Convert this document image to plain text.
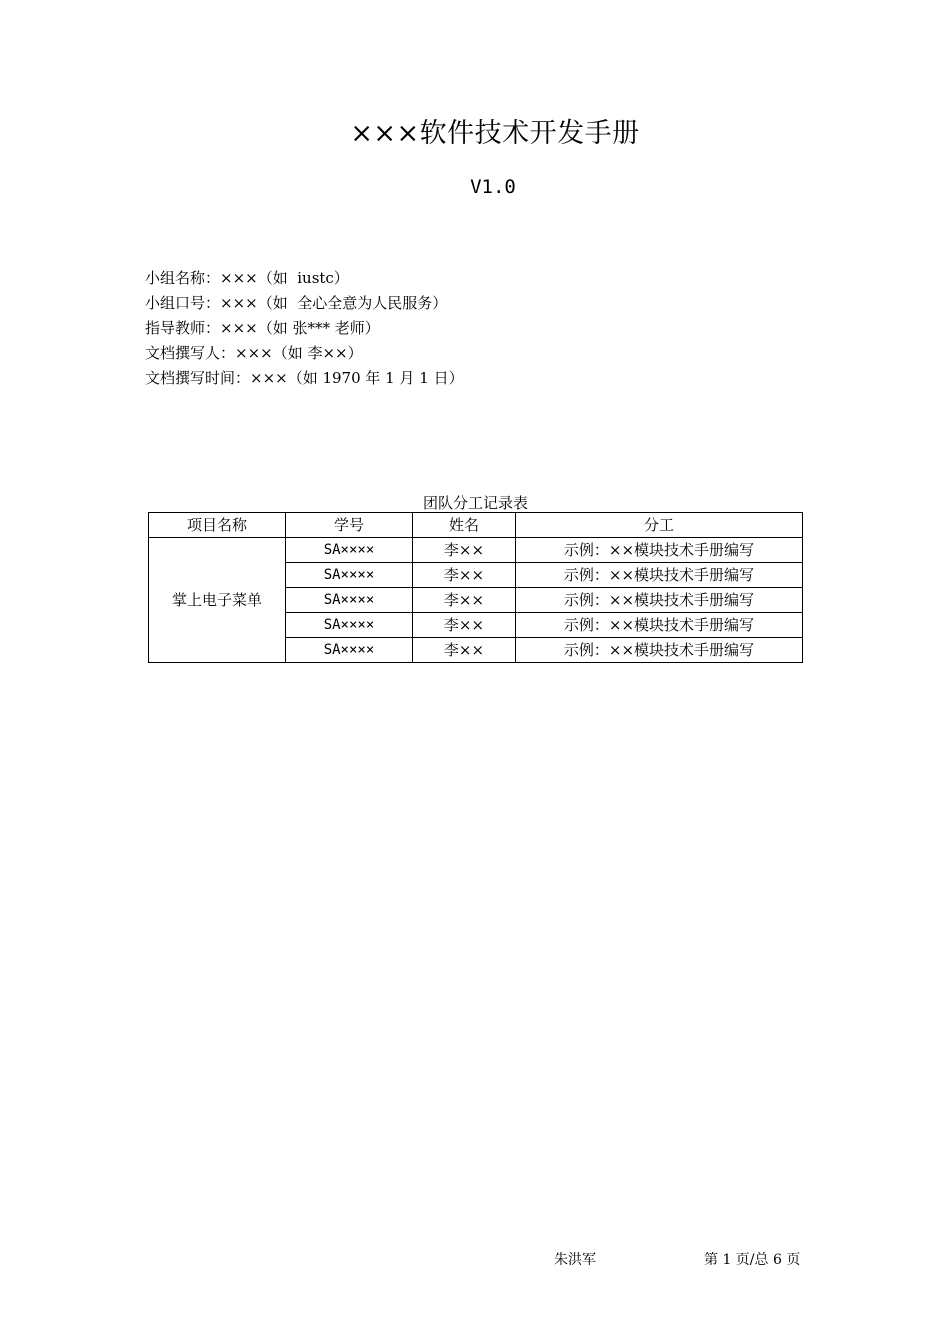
×××软件技术开发手册
V1.0
小组名称：×××（如  iustc）
小组口号：×××（如  全心全意为人民服务）
指导教师：×××（如 张*** 老师）
文档撰写人：×××（如 李××）
文档撰写时间：×××（如 1970 年 1 月 1 日）
团队分工记录表
项目名称	学号	姓名	分工
掌上电子菜单	SA××××	李××	示例：××模块技术手册编写
	SA××××	李××	示例：××模块技术手册编写
	SA××××	李××	示例：××模块技术手册编写
	SA××××	李××	示例：××模块技术手册编写
	SA××××	李××	示例：××模块技术手册编写
朱洪军	第 1 页/总 6 页
